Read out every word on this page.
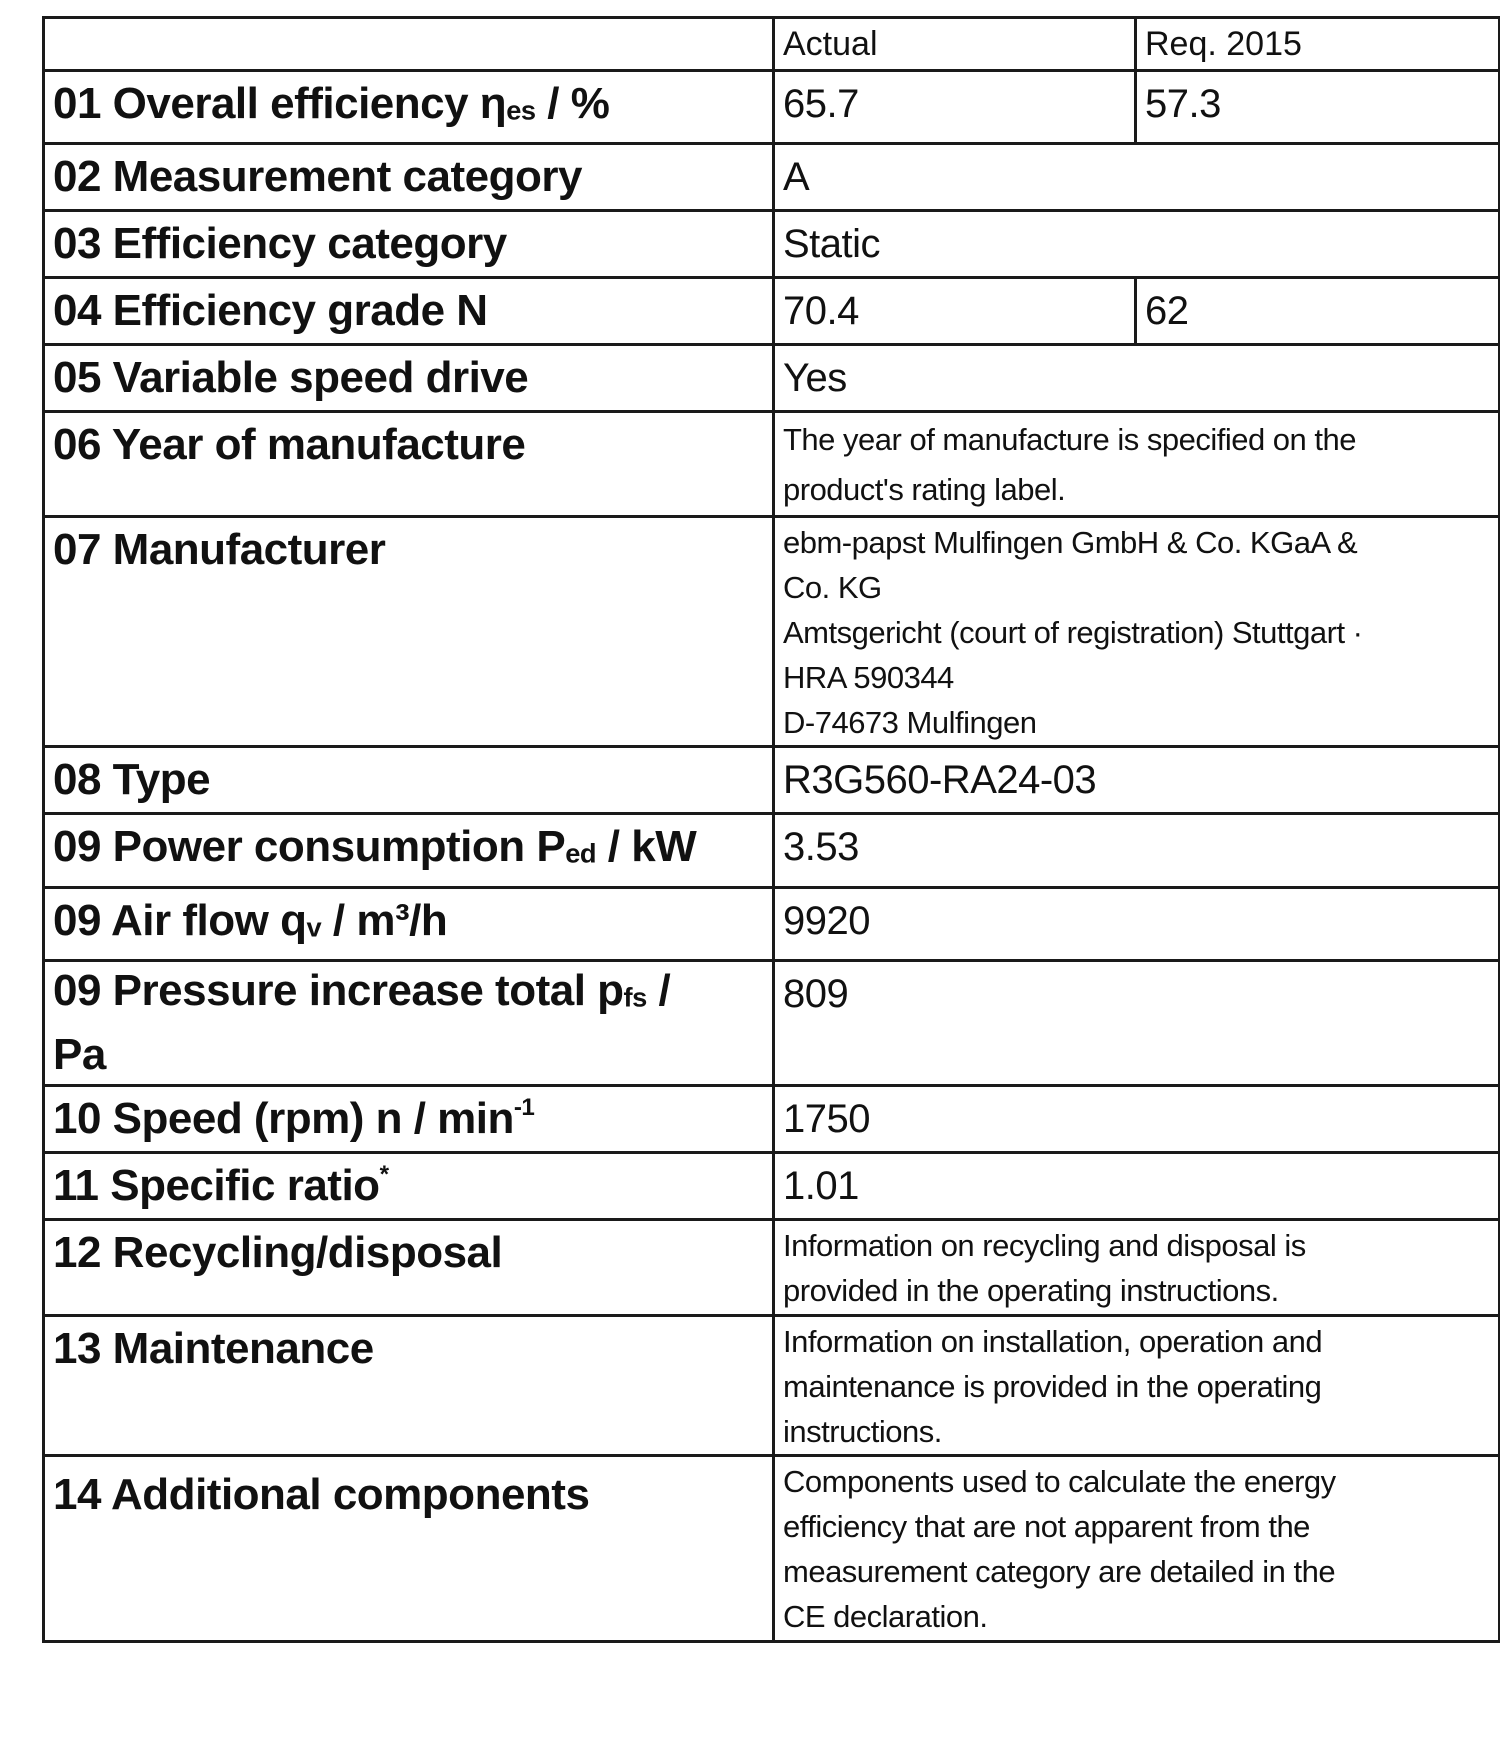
	Actual	Req. 2015
01 Overall efficiency ηes / %	65.7	57.3
02 Measurement category	A	
03 Efficiency category	Static	
04 Efficiency grade N	70.4	62
05 Variable speed drive	Yes	
06 Year of manufacture	The year of manufacture is specified on the
product's rating label.	

07 Manufacturer	ebm-papst Mulfingen GmbH & Co. KGaA &
Co. KG
Amtsgericht (court of registration) Stuttgart ·
HRA 590344
D-74673 Mulfingen	

08 Type	R3G560-RA24-03	
09 Power consumption Ped / kW	3.53	
09 Air flow qv / m³/h	9920	
09 Pressure increase total pfs /
Pa	809	
10 Speed (rpm) n / $\min^{-1}$	1750	
11 Specific ratio*	1.01	
12 Recycling/disposal	Information on recycling and disposal is
provided in the operating instructions.	

13 Maintenance	Information on installation, operation and
maintenance is provided in the operating
instructions.	

14 Additional components	Components used to calculate the energy
efficiency that are not apparent from the
measurement category are detailed in the
CE declaration.	
